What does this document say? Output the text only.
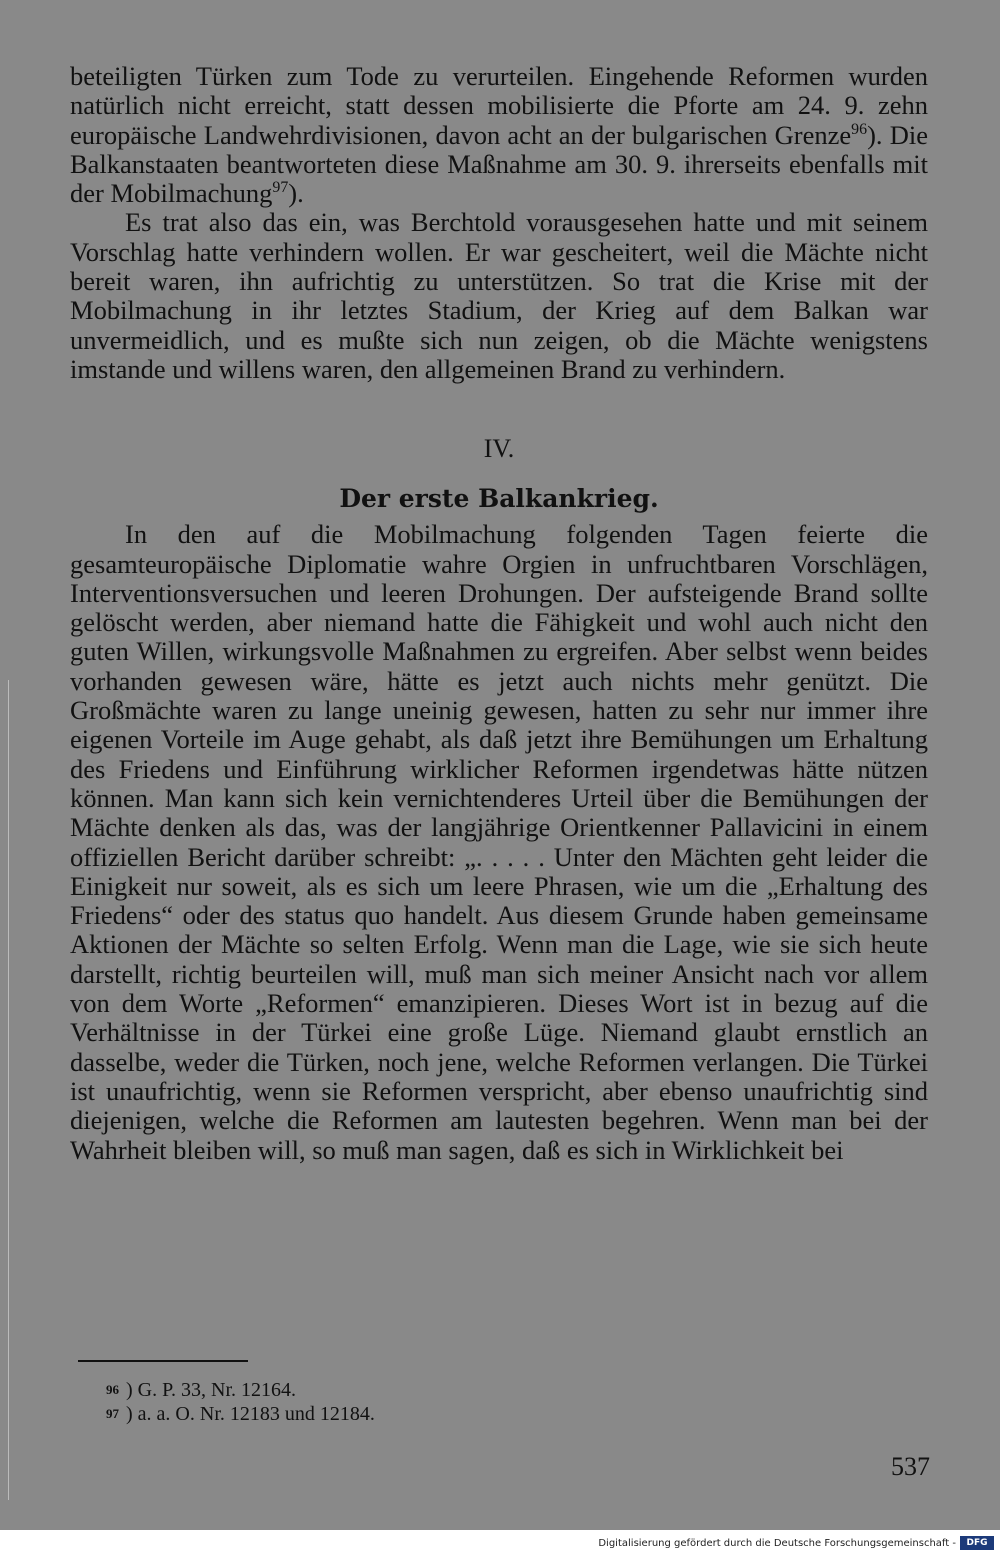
beteiligten Türken zum Tode zu verurteilen. Eingehende Reformen wurden natürlich nicht erreicht, statt dessen mobilisierte die Pforte am 24. 9. zehn europäische Landwehrdivisionen, davon acht an der bulgarischen Grenze$^{96}$). Die Balkanstaaten beantworteten diese Maßnahme am 30. 9. ihrerseits ebenfalls mit der Mobilmachung$^{97}$).

Es trat also das ein, was Berchtold vorausgesehen hatte und mit seinem Vorschlag hatte verhindern wollen. Er war gescheitert, weil die Mächte nicht bereit waren, ihn aufrichtig zu unterstützen. So trat die Krise mit der Mobilmachung in ihr letztes Stadium, der Krieg auf dem Balkan war unvermeidlich, und es mußte sich nun zeigen, ob die Mächte wenigstens imstande und willens waren, den allgemeinen Brand zu verhindern.

IV.
Der erste Balkankrieg.

In den auf die Mobilmachung folgenden Tagen feierte die gesamteuropäische Diplomatie wahre Orgien in unfruchtbaren Vorschlägen, Interventionsversuchen und leeren Drohungen. Der aufsteigende Brand sollte gelöscht werden, aber niemand hatte die Fähigkeit und wohl auch nicht den guten Willen, wirkungsvolle Maßnahmen zu ergreifen. Aber selbst wenn beides vorhanden gewesen wäre, hätte es jetzt auch nichts mehr genützt. Die Großmächte waren zu lange uneinig gewesen, hatten zu sehr nur immer ihre eigenen Vorteile im Auge gehabt, als daß jetzt ihre Bemühungen um Erhaltung des Friedens und Einführung wirklicher Reformen irgendetwas hätte nützen können. Man kann sich kein vernichtenderes Urteil über die Bemühungen der Mächte denken als das, was der langjährige Orientkenner Pallavicini in einem offiziellen Bericht darüber schreibt: „. . . . . Unter den Mächten geht leider die Einigkeit nur soweit, als es sich um leere Phrasen, wie um die „Erhaltung des Friedens“ oder des status quo handelt. Aus diesem Grunde haben gemeinsame Aktionen der Mächte so selten Erfolg. Wenn man die Lage, wie sie sich heute darstellt, richtig beurteilen will, muß man sich meiner Ansicht nach vor allem von dem Worte „Reformen“ emanzipieren. Dieses Wort ist in bezug auf die Verhältnisse in der Türkei eine große Lüge. Niemand glaubt ernstlich an dasselbe, weder die Türken, noch jene, welche Reformen verlangen. Die Türkei ist unaufrichtig, wenn sie Reformen verspricht, aber ebenso unaufrichtig sind diejenigen, welche die Reformen am lautesten begehren. Wenn man bei der Wahrheit bleiben will, so muß man sagen, daß es sich in Wirklichkeit bei

96 ) G. P. 33, Nr. 12164.
97 ) a. a. O. Nr. 12183 und 12184.
537
Digitalisierung gefördert durch die Deutsche Forschungsgemeinschaft -	DFG
